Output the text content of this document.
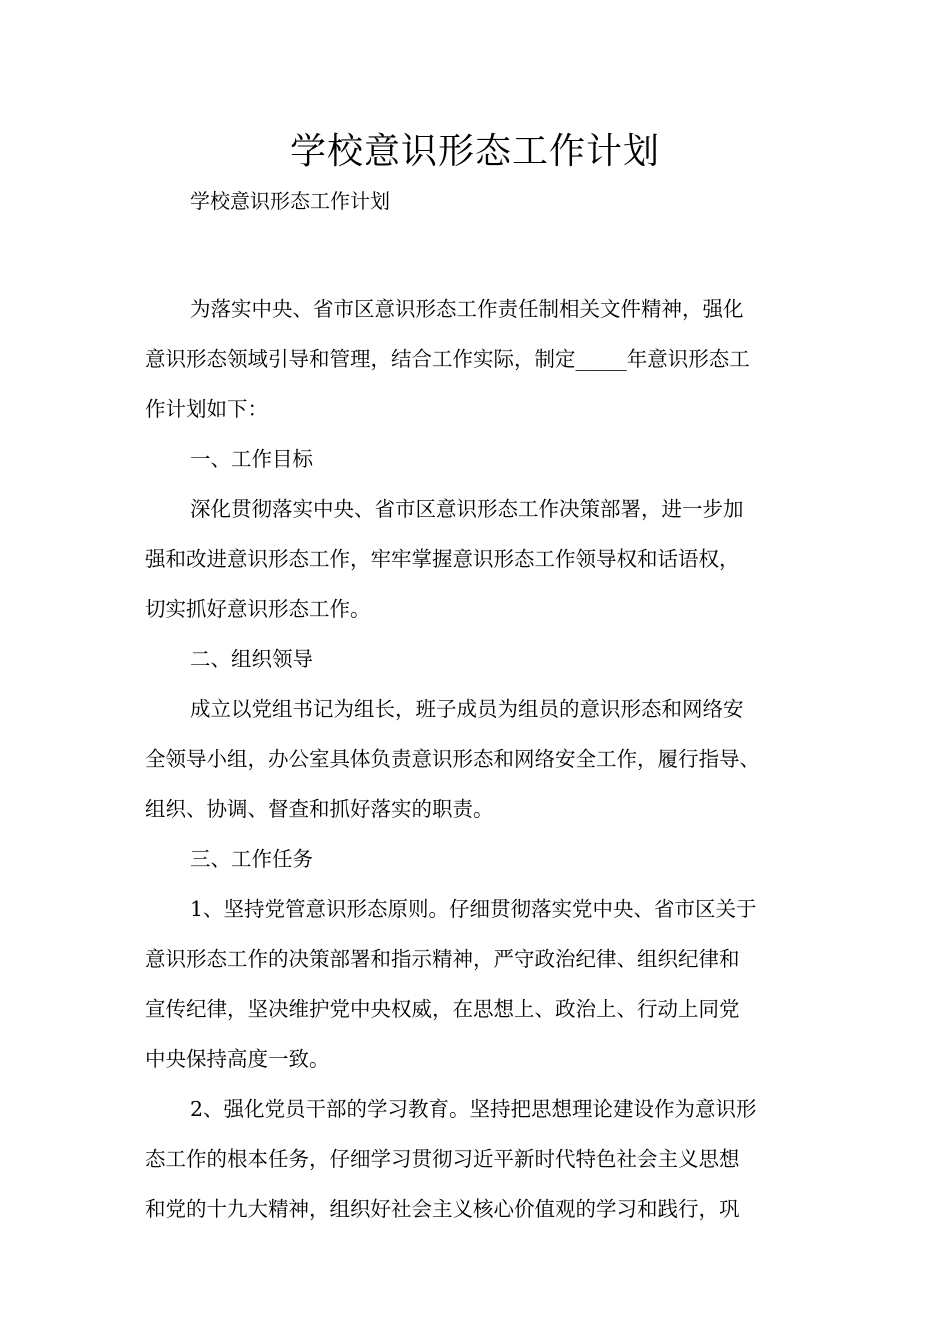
学校意识形态工作计划

学校意识形态工作计划

为落实中央、省市区意识形态工作责任制相关文件精神，强化
意识形态领域引导和管理，结合工作实际，制定_____年意识形态工
作计划如下：

一、工作目标

深化贯彻落实中央、省市区意识形态工作决策部署，进一步加
强和改进意识形态工作，牢牢掌握意识形态工作领导权和话语权，
切实抓好意识形态工作。

二、组织领导

成立以党组书记为组长，班子成员为组员的意识形态和网络安
全领导小组，办公室具体负责意识形态和网络安全工作，履行指导、
组织、协调、督查和抓好落实的职责。

三、工作任务

1、坚持党管意识形态原则。仔细贯彻落实党中央、省市区关于
意识形态工作的决策部署和指示精神，严守政治纪律、组织纪律和
宣传纪律，坚决维护党中央权威，在思想上、政治上、行动上同党
中央保持高度一致。

2、强化党员干部的学习教育。坚持把思想理论建设作为意识形
态工作的根本任务，仔细学习贯彻习近平新时代特色社会主义思想
和党的十九大精神，组织好社会主义核心价值观的学习和践行，巩
